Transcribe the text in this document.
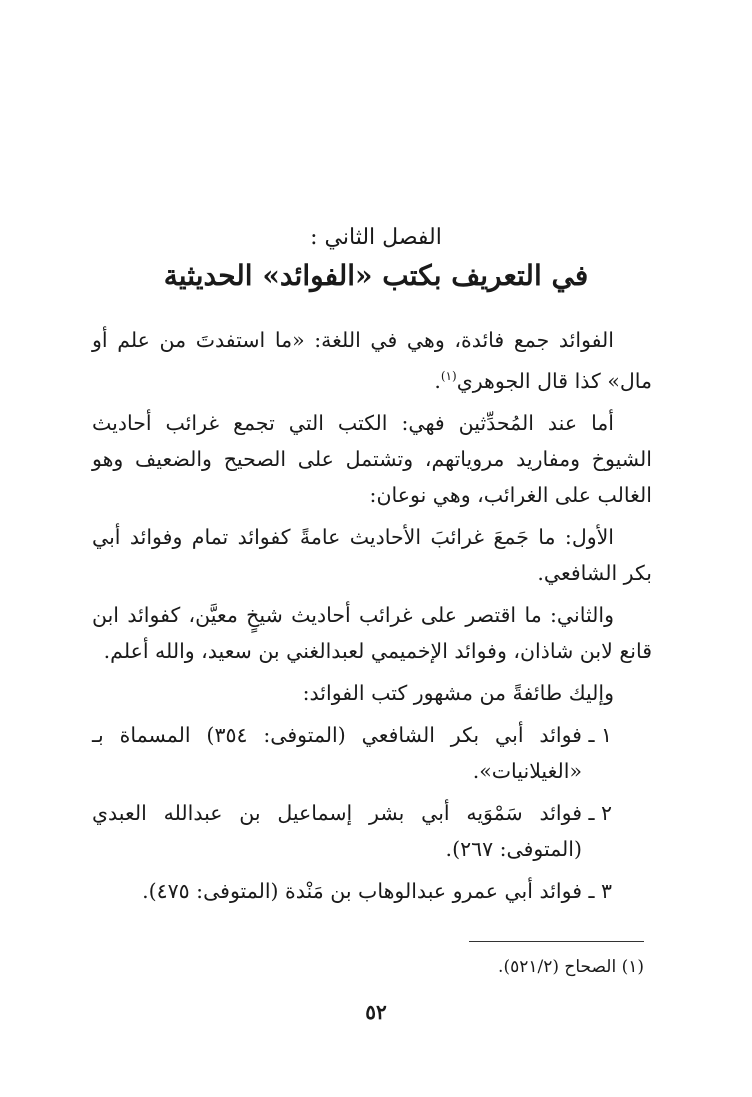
الفصل الثاني :
في التعريف بكتب «الفوائد» الحديثية

الفوائد جمع فائدة، وهي في اللغة: «ما استفدتَ من علم أو مال» كذا قال الجوهري$^{(١)}$.

أما عند المُحدِّثين فهي: الكتب التي تجمع غرائب أحاديث الشيوخ ومفاريد مروياتهم، وتشتمل على الصحيح والضعيف وهو الغالب على الغرائب، وهي نوعان:

الأول: ما جَمعَ غرائبَ الأحاديث عامةً كفوائد تمام وفوائد أبي بكر الشافعي.

والثاني: ما اقتصر على غرائب أحاديث شيخٍ معيَّن، كفوائد ابن قانع لابن شاذان، وفوائد الإخميمي لعبدالغني بن سعيد، والله أعلم.

وإليك طائفةً من مشهور كتب الفوائد:

١ ـ
فوائد أبي بكر الشافعي (المتوفى: ٣٥٤) المسماة بـ «الغيلانيات».

٢ ـ
فوائد سَمْوَيه أبي بشر إسماعيل بن عبدالله العبدي (المتوفى: ٢٦٧).

٣ ـ
فوائد أبي عمرو عبدالوهاب بن مَنْدة (المتوفى: ٤٧٥).

(١) الصحاح (٥٢١/٢).
٥٢
